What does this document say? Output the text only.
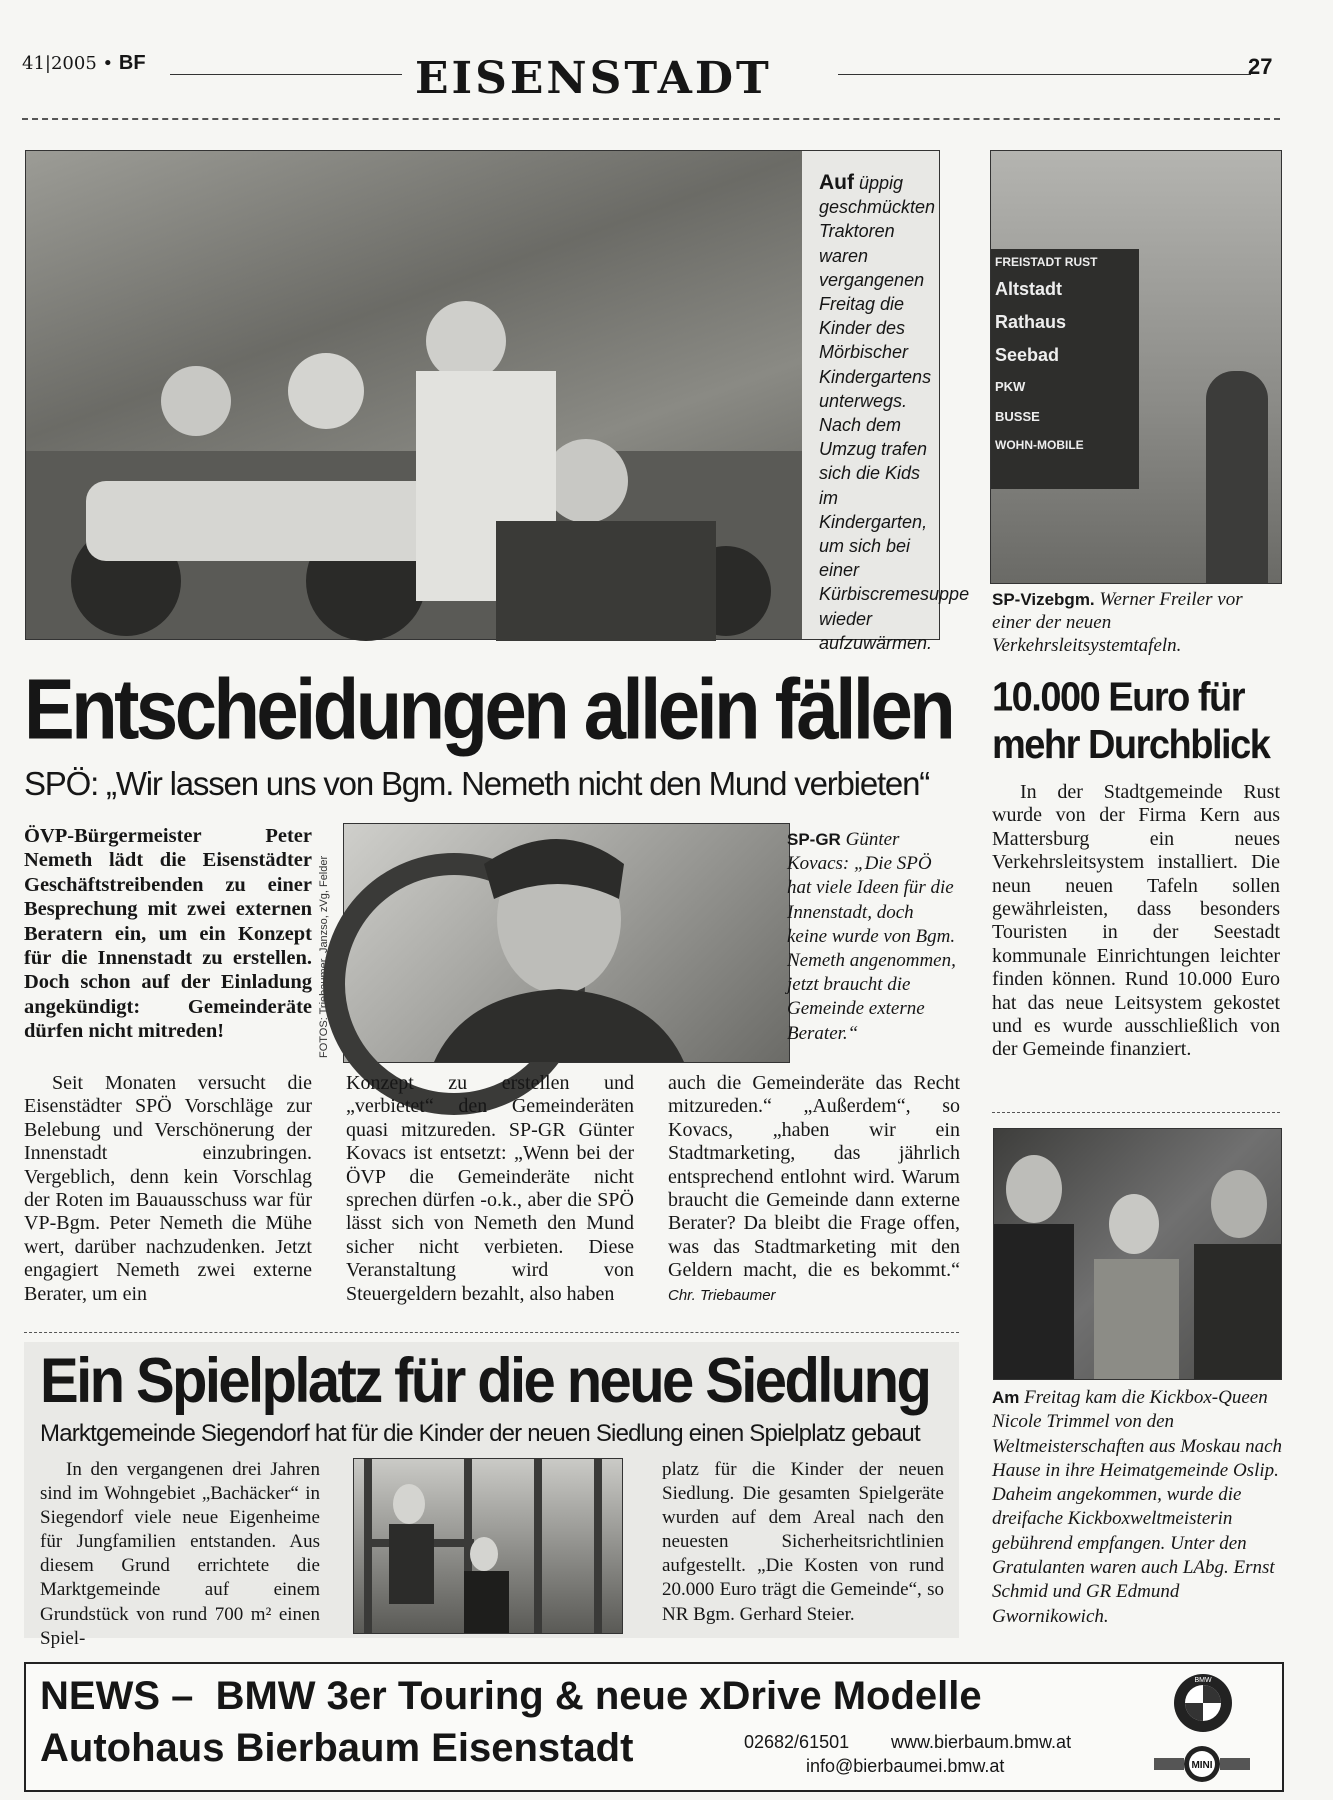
41|2005 • BF	EISENSTADT	27
Auf üppig geschmückten Traktoren waren vergangenen Freitag die Kinder des Mörbischer Kindergartens unterwegs. Nach dem Umzug trafen sich die Kids im Kindergarten, um sich bei einer Kürbiscremesuppe wieder aufzuwärmen.
FREISTADT RUST
Altstadt
Rathaus
Seebad
PKW
BUSSE
WOHN-MOBILE
SP-Vizebgm. Werner Freiler vor einer der neuen Verkehrsleitsystemtafeln.
Entscheidungen allein fällen
SPÖ: „Wir lassen uns von Bgm. Nemeth nicht den Mund verbieten“
ÖVP-Bürgermeister Peter Nemeth lädt die Eisenstädter Geschäftstreibenden zu einer Besprechung mit zwei externen Beratern ein, um ein Konzept für die Innenstadt zu erstellen. Doch schon auf der Einladung angekündigt: Gemeinderäte dürfen nicht mitreden!	FOTOS: Triebaumer, Janzso, zVg, Felder
SP-GR Günter Kovacs: „Die SPÖ hat viele Ideen für die Innenstadt, doch keine wurde von Bgm. Nemeth angenommen, jetzt braucht die Gemeinde externe Berater.“

Seit Monaten versucht die Eisenstädter SPÖ Vorschläge zur Belebung und Verschönerung der Innenstadt einzubringen. Vergeblich, denn kein Vorschlag der Roten im Bauausschuss war für VP-Bgm. Peter Nemeth die Mühe wert, darüber nachzudenken. Jetzt engagiert Nemeth zwei externe Berater, um ein

Konzept zu erstellen und „verbietet“ den Gemeinderäten quasi mitzureden. SP-GR Günter Kovacs ist entsetzt: „Wenn bei der ÖVP die Gemeinderäte nicht sprechen dürfen -o.k., aber die SPÖ lässt sich von Nemeth den Mund sicher nicht verbieten. Diese Veranstaltung wird von Steuergeldern bezahlt, also haben

auch die Gemeinderäte das Recht mitzureden.“ „Außerdem“, so Kovacs, „haben wir ein Stadtmarketing, das jährlich entsprechend entlohnt wird. Warum braucht die Gemeinde dann externe Berater? Da bleibt die Frage offen, was das Stadtmarketing mit den Geldern macht, die es bekommt.“ Chr. Triebaumer

10.000 Euro für mehr Durchblick

In der Stadtgemeinde Rust wurde von der Firma Kern aus Mattersburg ein neues Verkehrsleitsystem installiert. Die neun neuen Tafeln sollen gewährleisten, dass besonders Touristen in der Seestadt kommunale Einrichtungen leichter finden können. Rund 10.000 Euro hat das neue Leitsystem gekostet und es wurde ausschließlich von der Gemeinde finanziert.

Am Freitag kam die Kickbox-Queen Nicole Trimmel von den Weltmeisterschaften aus Moskau nach Hause in ihre Heimatgemeinde Oslip. Daheim angekommen, wurde die dreifache Kickboxweltmeisterin gebührend empfangen. Unter den Gratulanten waren auch LAbg. Ernst Schmid und GR Edmund Gwornikowich.
Ein Spielplatz für die neue Siedlung
Marktgemeinde Siegendorf hat für die Kinder der neuen Siedlung einen Spielplatz gebaut

In den vergangenen drei Jahren sind im Wohngebiet „Bachäcker“ in Siegendorf viele neue Eigenheime für Jungfamilien entstanden. Aus diesem Grund errichtete die Marktgemeinde auf einem Grundstück von rund 700 m² einen Spiel-

platz für die Kinder der neuen Siedlung. Die gesamten Spielgeräte wurden auf dem Areal nach den neuesten Sicherheitsrichtlinien aufgestellt. „Die Kosten von rund 20.000 Euro trägt die Gemeinde“, so NR Bgm. Gerhard Steier.

NEWS –  BMW 3er Touring & neue xDrive Modelle
Autohaus Bierbaum Eisenstadt	02682/61501 www.bierbaum.bmw.at
info@bierbaumei.bmw.at
BMW
MINI
